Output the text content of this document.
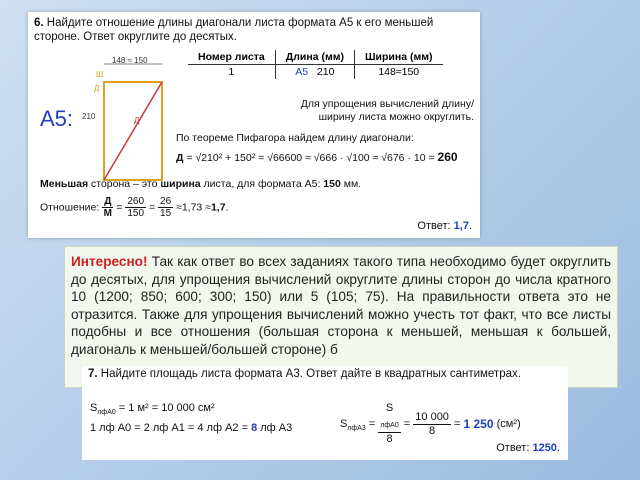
6. Найдите отношение длины диагонали листа формата А5 к его меньшей стороне. Ответ округлите до десятых.
А5:
148 ≈ 150
Ш
Д
210	Д
Номер листа	Длина (мм)	Ширина (мм)
1	А5 210	148≈150
Для упрощения вычислений длину/ширину листа можно округлить.
По теореме Пифагора найдем длину диагонали:
Д = √210² + 150² = √66600 ≈ √666 · √100 ≈ √676 · 10 = 260
Меньшая сторона – это ширина листа, для формата А5: 150 мм.
Отношение: $\frac{Д}{М} = \frac{260}{150} = \frac{26}{15} \approx 1,73 \approx 1,7$.
Ответ: 1,7.
Интересно! Так как ответ во всех заданиях такого типа необходимо будет округлить до десятых, для упрощения вычислений округлите длины сторон до числа кратного 10 (1200; 850; 600; 300; 150) или 5 (105; 75). На правильности ответа это не отразится. Также для упрощения вычислений можно учесть тот факт, что все листы подобны и все отношения (большая сторона к меньшей, меньшая к большей, диагональ к меньшей/большей стороне) б
7. Найдите площадь листа формата А3. Ответ дайте в квадратных сантиметрах.
$S_{лфА0} = 1$ м² = 10 000 см²
1 лф А0 = 2 лф А1 = 4 лф А2 = 8 лф А3	$S_{лфА3} = S$
$_{лфА0}$
$8 = \frac{10 000}{8} = 1$ 250 (см²)
Ответ: 1250.
